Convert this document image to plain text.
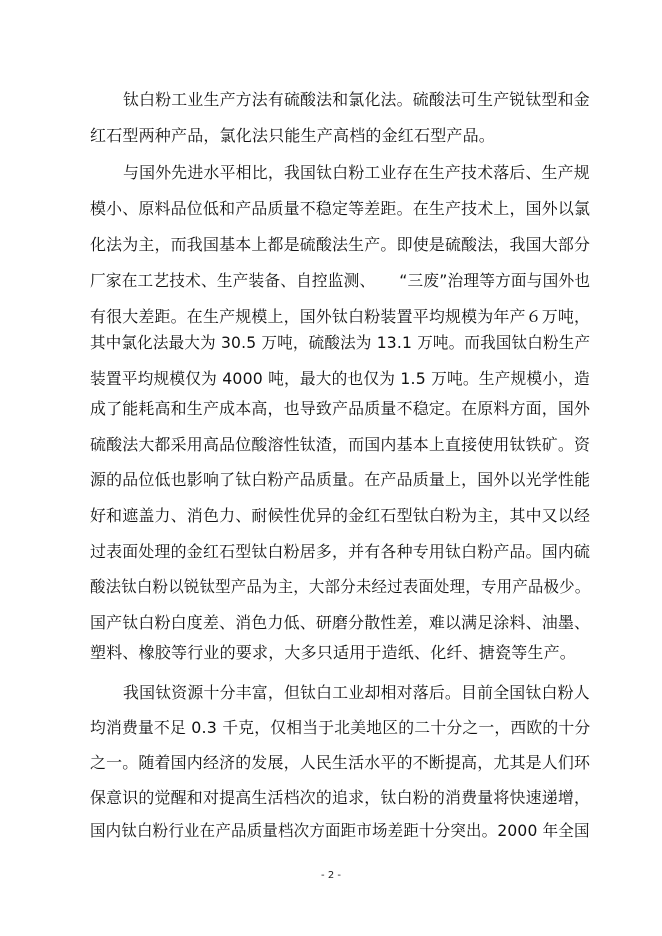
钛白粉工业生产方法有硫酸法和氯化法。硫酸法可生产锐钛型和金
红石型两种产品，氯化法只能生产高档的金红石型产品。
与国外先进水平相比，我国钛白粉工业存在生产技术落后、生产规
模小、原料品位低和产品质量不稳定等差距。在生产技术上，国外以氯
化法为主，而我国基本上都是硫酸法生产。即使是硫酸法，我国大部分
厂家在工艺技术、生产装备、自控监测、　　“三废”治理等方面与国外也
有很大差距。在生产规模上，国外钛白粉装置平均规模为年产６万吨，
其中氯化法最大为 30.5 万吨，硫酸法为 13.1 万吨。而我国钛白粉生产
装置平均规模仅为 4000 吨，最大的也仅为 1.5 万吨。生产规模小，造
成了能耗高和生产成本高，也导致产品质量不稳定。在原料方面，国外
硫酸法大都采用高品位酸溶性钛渣，而国内基本上直接使用钛铁矿。资
源的品位低也影响了钛白粉产品质量。在产品质量上，国外以光学性能
好和遮盖力、消色力、耐候性优异的金红石型钛白粉为主，其中又以经
过表面处理的金红石型钛白粉居多，并有各种专用钛白粉产品。国内硫
酸法钛白粉以锐钛型产品为主，大部分未经过表面处理，专用产品极少。
国产钛白粉白度差、消色力低、研磨分散性差，难以满足涂料、油墨、
塑料、橡胶等行业的要求，大多只适用于造纸、化纤、搪瓷等生产。
我国钛资源十分丰富，但钛白工业却相对落后。目前全国钛白粉人
均消费量不足 0.3 千克，仅相当于北美地区的二十分之一，西欧的十分
之一。随着国内经济的发展，人民生活水平的不断提高，尤其是人们环
保意识的觉醒和对提高生活档次的追求，钛白粉的消费量将快速递增，
国内钛白粉行业在产品质量档次方面距市场差距十分突出。2000 年全国
- 2 -
